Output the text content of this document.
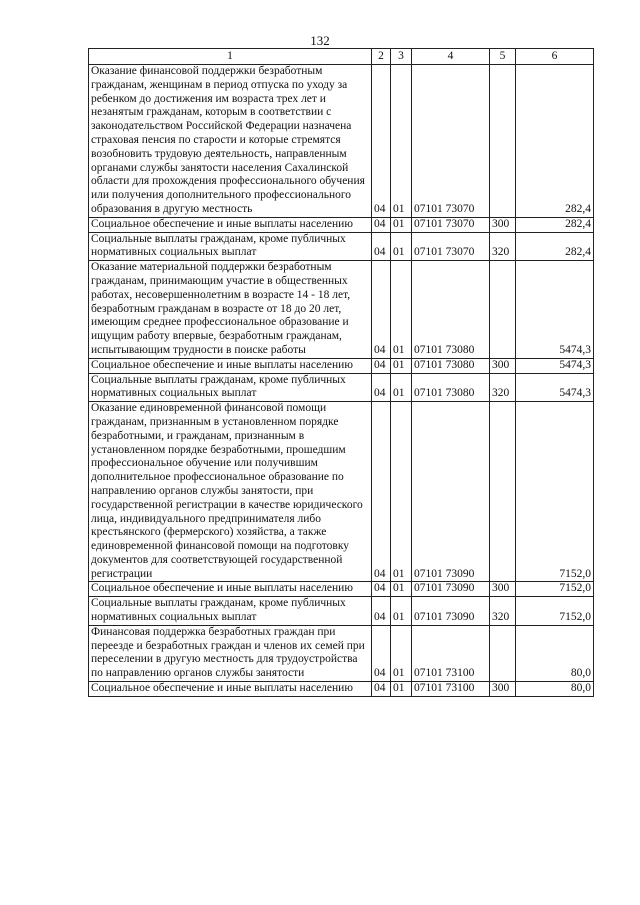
132
1	2	3	4	5	6
Оказание финансовой поддержки безработным гражданам, женщинам в период отпуска по уходу за ребенком до достижения им возраста трех лет и незанятым гражданам, которым в соответствии с законодательством Российской Федерации назначена страховая пенсия по старости и которые стремятся возобновить трудовую деятельность, направленным органами службы занятости населения Сахалинской области для прохождения профессионального обучения или получения дополнительного профессионального образования в другую местность	04	01	07101 73070		282,4
Социальное обеспечение и иные выплаты населению	04	01	07101 73070	300	282,4
Социальные выплаты гражданам, кроме публичных нормативных социальных выплат	04	01	07101 73070	320	282,4
Оказание материальной поддержки безработным гражданам, принимающим участие в общественных работах, несовершеннолетним в возрасте 14 - 18 лет, безработным гражданам в возрасте от 18 до 20 лет, имеющим среднее профессиональное образование и ищущим работу впервые, безработным гражданам, испытывающим трудности в поиске работы	04	01	07101 73080		5474,3
Социальное обеспечение и иные выплаты населению	04	01	07101 73080	300	5474,3
Социальные выплаты гражданам, кроме публичных нормативных социальных выплат	04	01	07101 73080	320	5474,3
Оказание единовременной финансовой помощи гражданам, признанным в установленном порядке безработными, и гражданам, признанным в установленном порядке безработными, прошедшим профессиональное обучение или получившим дополнительное профессиональное образование по направлению органов службы занятости, при государственной регистрации в качестве юридического лица, индивидуального предпринимателя либо крестьянского (фермерского) хозяйства, а также единовременной финансовой помощи на подготовку документов для соответствующей государственной регистрации	04	01	07101 73090		7152,0
Социальное обеспечение и иные выплаты населению	04	01	07101 73090	300	7152,0
Социальные выплаты гражданам, кроме публичных нормативных социальных выплат	04	01	07101 73090	320	7152,0
Финансовая поддержка безработных граждан при переезде и безработных граждан и членов их семей при переселении в другую местность для трудоустройства по направлению органов службы занятости	04	01	07101 73100		80,0
Социальное обеспечение и иные выплаты населению	04	01	07101 73100	300	80,0
